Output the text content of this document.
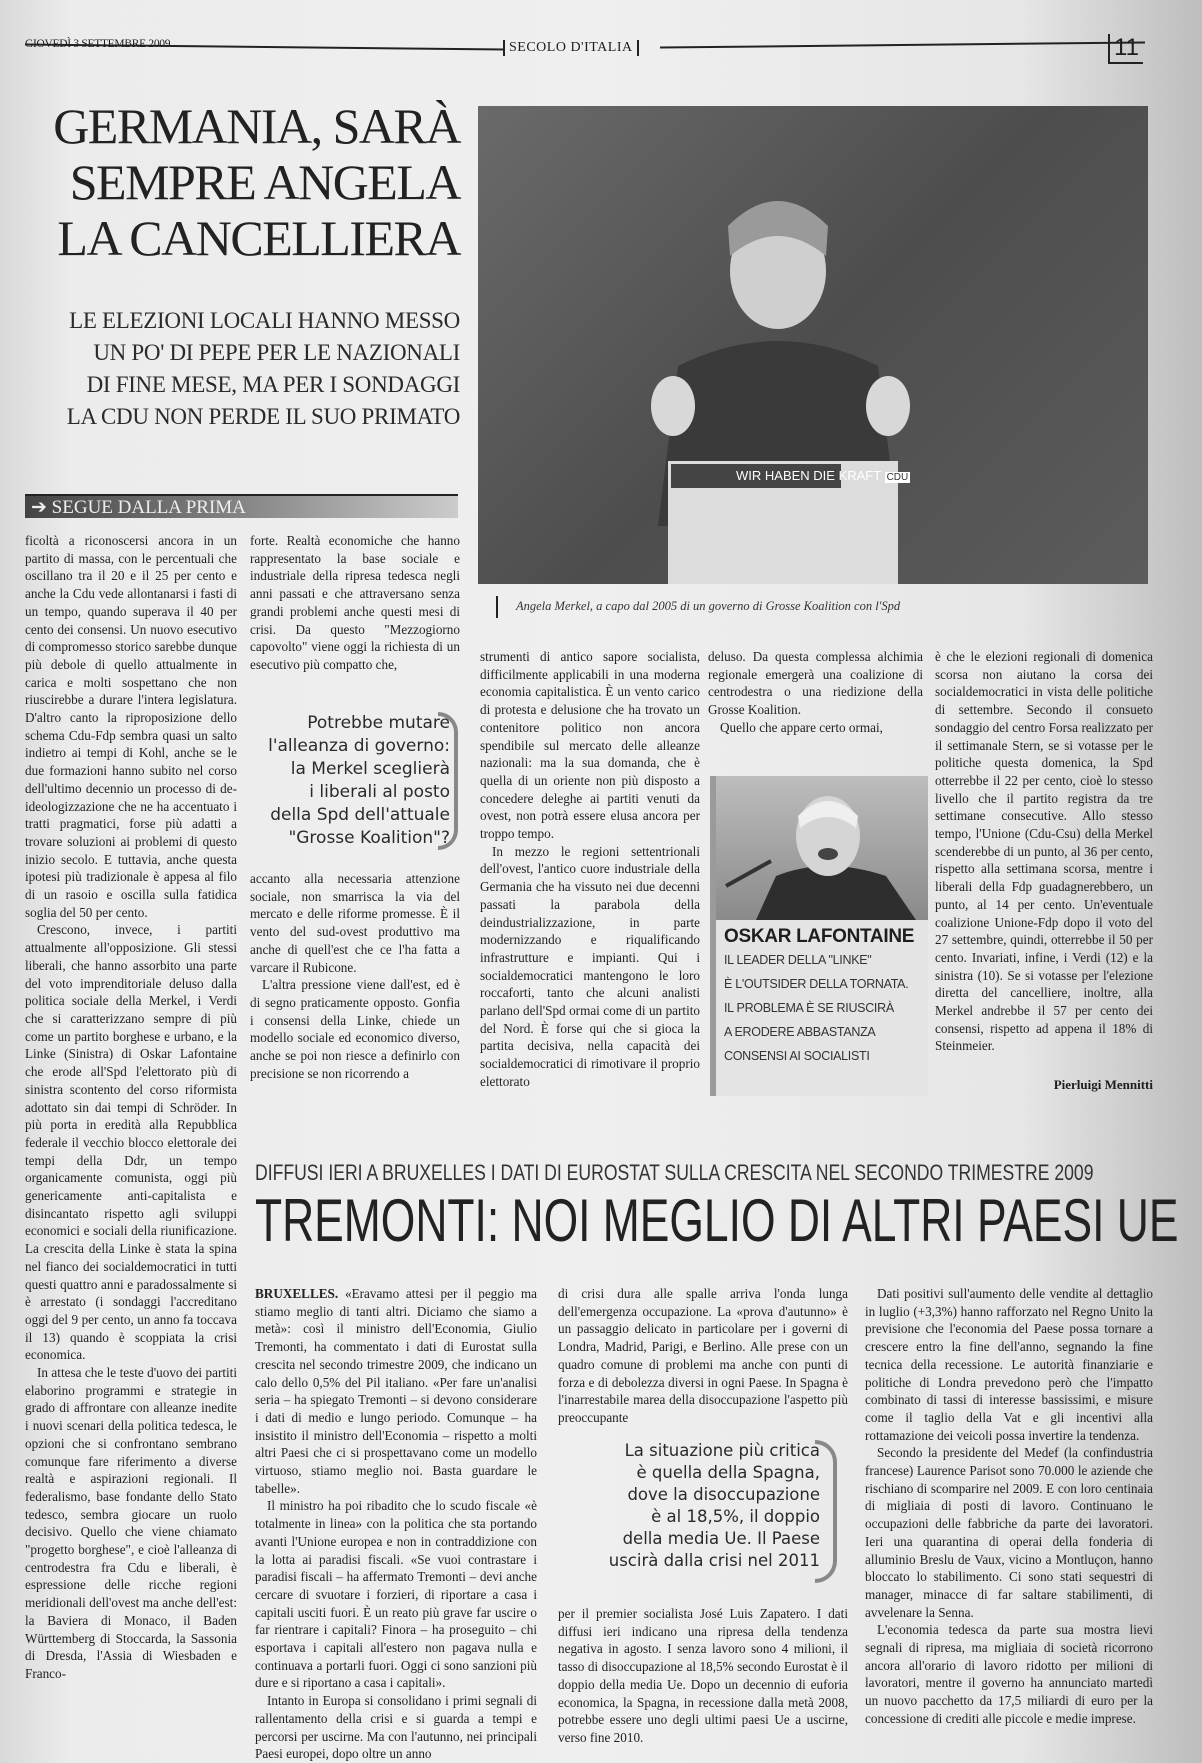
GIOVEDÌ 3 SETTEMBRE 2009	SECOLO D'ITALIA	11
GERMANIA, SARÀ
SEMPRE ANGELA
LA CANCELLIERA
LE ELEZIONI LOCALI HANNO MESSO
UN PO' DI PEPE PER LE NAZIONALI
DI FINE MESE, MA PER I SONDAGGI
LA CDU NON PERDE IL SUO PRIMATO
➔ SEGUE DALLA PRIMA
WIR HABEN DIE KRAFT CDU
Angela Merkel, a capo dal 2005 di un governo di Grosse Koalition con l'Spd

ficoltà a riconoscersi ancora in un partito di massa, con le percentuali che oscillano tra il 20 e il 25 per cento e anche la Cdu vede allontanarsi i fasti di un tempo, quando superava il 40 per cento dei consensi. Un nuovo esecutivo di compromesso storico sarebbe dunque più debole di quello attualmente in carica e molti sospettano che non riuscirebbe a durare l'intera legislatura. D'altro canto la riproposizione dello schema Cdu-Fdp sembra quasi un salto indietro ai tempi di Kohl, anche se le due formazioni hanno subito nel corso dell'ultimo decennio un processo di de-ideologizzazione che ne ha accentuato i tratti pragmatici, forse più adatti a trovare soluzioni ai problemi di questo inizio secolo. E tuttavia, anche questa ipotesi più tradizionale è appesa al filo di un rasoio e oscilla sulla fatidica soglia del 50 per cento.

Crescono, invece, i partiti attualmente all'opposizione. Gli stessi liberali, che hanno assorbito una parte del voto imprenditoriale deluso dalla politica sociale della Merkel, i Verdi che si caratterizzano sempre di più come un partito borghese e urbano, e la Linke (Sinistra) di Oskar Lafontaine che erode all'Spd l'elettorato più di sinistra scontento del corso riformista adottato sin dai tempi di Schröder. In più porta in eredità alla Repubblica federale il vecchio blocco elettorale dei tempi della Ddr, un tempo organicamente comunista, oggi più genericamente anti-capitalista e disincantato rispetto agli sviluppi economici e sociali della riunificazione. La crescita della Linke è stata la spina nel fianco dei socialdemocratici in tutti questi quattro anni e paradossalmente si è arrestato (i sondaggi l'accreditano oggi del 9 per cento, un anno fa toccava il 13) quando è scoppiata la crisi economica.

In attesa che le teste d'uovo dei partiti elaborino programmi e strategie in grado di affrontare con alleanze inedite i nuovi scenari della politica tedesca, le opzioni che si confrontano sembrano comunque fare riferimento a diverse realtà e aspirazioni regionali. Il federalismo, base fondante dello Stato tedesco, sembra giocare un ruolo decisivo. Quello che viene chiamato "progetto borghese", e cioè l'alleanza di centrodestra fra Cdu e liberali, è espressione delle ricche regioni meridionali dell'ovest ma anche dell'est: la Baviera di Monaco, il Baden Württemberg di Stoccarda, la Sassonia di Dresda, l'Assia di Wiesbaden e Franco-

forte. Realtà economiche che hanno rappresentato la base sociale e industriale della ripresa tedesca negli anni passati e che attraversano senza grandi problemi anche questi mesi di crisi. Da questo "Mezzogiorno capovolto" viene oggi la richiesta di un esecutivo più compatto che,

Potrebbe mutare
l'alleanza di governo:
la Merkel sceglierà
i liberali al posto
della Spd dell'attuale
"Grosse Koalition"?

accanto alla necessaria attenzione sociale, non smarrisca la via del mercato e delle riforme promesse. È il vento del sud-ovest produttivo ma anche di quell'est che ce l'ha fatta a varcare il Rubicone.

L'altra pressione viene dall'est, ed è di segno praticamente opposto. Gonfia i consensi della Linke, chiede un modello sociale ed economico diverso, anche se poi non riesce a definirlo con precisione se non ricorrendo a

strumenti di antico sapore socialista, difficilmente applicabili in una moderna economia capitalistica. È un vento carico di protesta e delusione che ha trovato un contenitore politico non ancora spendibile sul mercato delle alleanze nazionali: ma la sua domanda, che è quella di un oriente non più disposto a concedere deleghe ai partiti venuti da ovest, non potrà essere elusa ancora per troppo tempo.

In mezzo le regioni settentrionali dell'ovest, l'antico cuore industriale della Germania che ha vissuto nei due decenni passati la parabola della deindustrializzazione, in parte modernizzando e riqualificando infrastrutture e impianti. Qui i socialdemocratici mantengono le loro roccaforti, tanto che alcuni analisti parlano dell'Spd ormai come di un partito del Nord. È forse qui che si gioca la partita decisiva, nella capacità dei socialdemocratici di rimotivare il proprio elettorato

deluso. Da questa complessa alchimia regionale emergerà una coalizione di centrodestra o una riedizione della Grosse Koalition.

Quello che appare certo ormai,

OSKAR LAFONTAINE
IL LEADER DELLA "LINKE"
È L'OUTSIDER DELLA TORNATA.
IL PROBLEMA È SE RIUSCIRÀ
A ERODERE ABBASTANZA
CONSENSI AI SOCIALISTI

è che le elezioni regionali di domenica scorsa non aiutano la corsa dei socialdemocratici in vista delle politiche di settembre. Secondo il consueto sondaggio del centro Forsa realizzato per il settimanale Stern, se si votasse per le politiche questa domenica, la Spd otterrebbe il 22 per cento, cioè lo stesso livello che il partito registra da tre settimane consecutive. Allo stesso tempo, l'Unione (Cdu-Csu) della Merkel scenderebbe di un punto, al 36 per cento, rispetto alla settimana scorsa, mentre i liberali della Fdp guadagnerebbero, un punto, al 14 per cento. Un'eventuale coalizione Unione-Fdp dopo il voto del 27 settembre, quindi, otterrebbe il 50 per cento. Invariati, infine, i Verdi (12) e la sinistra (10). Se si votasse per l'elezione diretta del cancelliere, inoltre, alla Merkel andrebbe il 57 per cento dei consensi, rispetto ad appena il 18% di Steinmeier.

Pierluigi Mennitti
DIFFUSI IERI A BRUXELLES I DATI DI EUROSTAT SULLA CRESCITA NEL SECONDO TRIMESTRE 2009
TREMONTI: NOI MEGLIO DI ALTRI PAESI UE

BRUXELLES. «Eravamo attesi per il peggio ma stiamo meglio di tanti altri. Diciamo che siamo a metà»: così il ministro dell'Economia, Giulio Tremonti, ha commentato i dati di Eurostat sulla crescita nel secondo trimestre 2009, che indicano un calo dello 0,5% del Pil italiano. «Per fare un'analisi seria – ha spiegato Tremonti – si devono considerare i dati di medio e lungo periodo. Comunque – ha insistito il ministro dell'Economia – rispetto a molti altri Paesi che ci si prospettavano come un modello virtuoso, stiamo meglio noi. Basta guardare le tabelle».

Il ministro ha poi ribadito che lo scudo fiscale «è totalmente in linea» con la politica che sta portando avanti l'Unione europea e non in contraddizione con la lotta ai paradisi fiscali. «Se vuoi contrastare i paradisi fiscali – ha affermato Tremonti – devi anche cercare di svuotare i forzieri, di riportare a casa i capitali usciti fuori. È un reato più grave far uscire o far rientrare i capitali? Finora – ha proseguito – chi esportava i capitali all'estero non pagava nulla e continuava a portarli fuori. Oggi ci sono sanzioni più dure e si riportano a casa i capitali».

Intanto in Europa si consolidano i primi segnali di rallentamento della crisi e si guarda a tempi e percorsi per uscirne. Ma con l'autunno, nei principali Paesi europei, dopo oltre un anno

di crisi dura alle spalle arriva l'onda lunga dell'emergenza occupazione. La «prova d'autunno» è un passaggio delicato in particolare per i governi di Londra, Madrid, Parigi, e Berlino. Alle prese con un quadro comune di problemi ma anche con punti di forza e di debolezza diversi in ogni Paese. In Spagna è l'inarrestabile marea della disoccupazione l'aspetto più preoccupante

La situazione più critica
è quella della Spagna,
dove la disoccupazione
è al 18,5%, il doppio
della media Ue. Il Paese
uscirà dalla crisi nel 2011

per il premier socialista José Luis Zapatero. I dati diffusi ieri indicano una ripresa della tendenza negativa in agosto. I senza lavoro sono 4 milioni, il tasso di disoccupazione al 18,5% secondo Eurostat è il doppio della media Ue. Dopo un decennio di euforia economica, la Spagna, in recessione dalla metà 2008, potrebbe essere uno degli ultimi paesi Ue a uscirne, verso fine 2010.

Dati positivi sull'aumento delle vendite al dettaglio in luglio (+3,3%) hanno rafforzato nel Regno Unito la previsione che l'economia del Paese possa tornare a crescere entro la fine dell'anno, segnando la fine tecnica della recessione. Le autorità finanziarie e politiche di Londra prevedono però che l'impatto combinato di tassi di interesse bassissimi, e misure come il taglio della Vat e gli incentivi alla rottamazione dei veicoli possa invertire la tendenza.

Secondo la presidente del Medef (la confindustria francese) Laurence Parisot sono 70.000 le aziende che rischiano di scomparire nel 2009. E con loro centinaia di migliaia di posti di lavoro. Continuano le occupazioni delle fabbriche da parte dei lavoratori. Ieri una quarantina di operai della fonderia di alluminio Breslu de Vaux, vicino a Montluçon, hanno bloccato lo stabilimento. Ci sono stati sequestri di manager, minacce di far saltare stabilimenti, di avvelenare la Senna.

L'economia tedesca da parte sua mostra lievi segnali di ripresa, ma migliaia di società ricorrono ancora all'orario di lavoro ridotto per milioni di lavoratori, mentre il governo ha annunciato martedì un nuovo pacchetto da 17,5 miliardi di euro per la concessione di crediti alle piccole e medie imprese.
